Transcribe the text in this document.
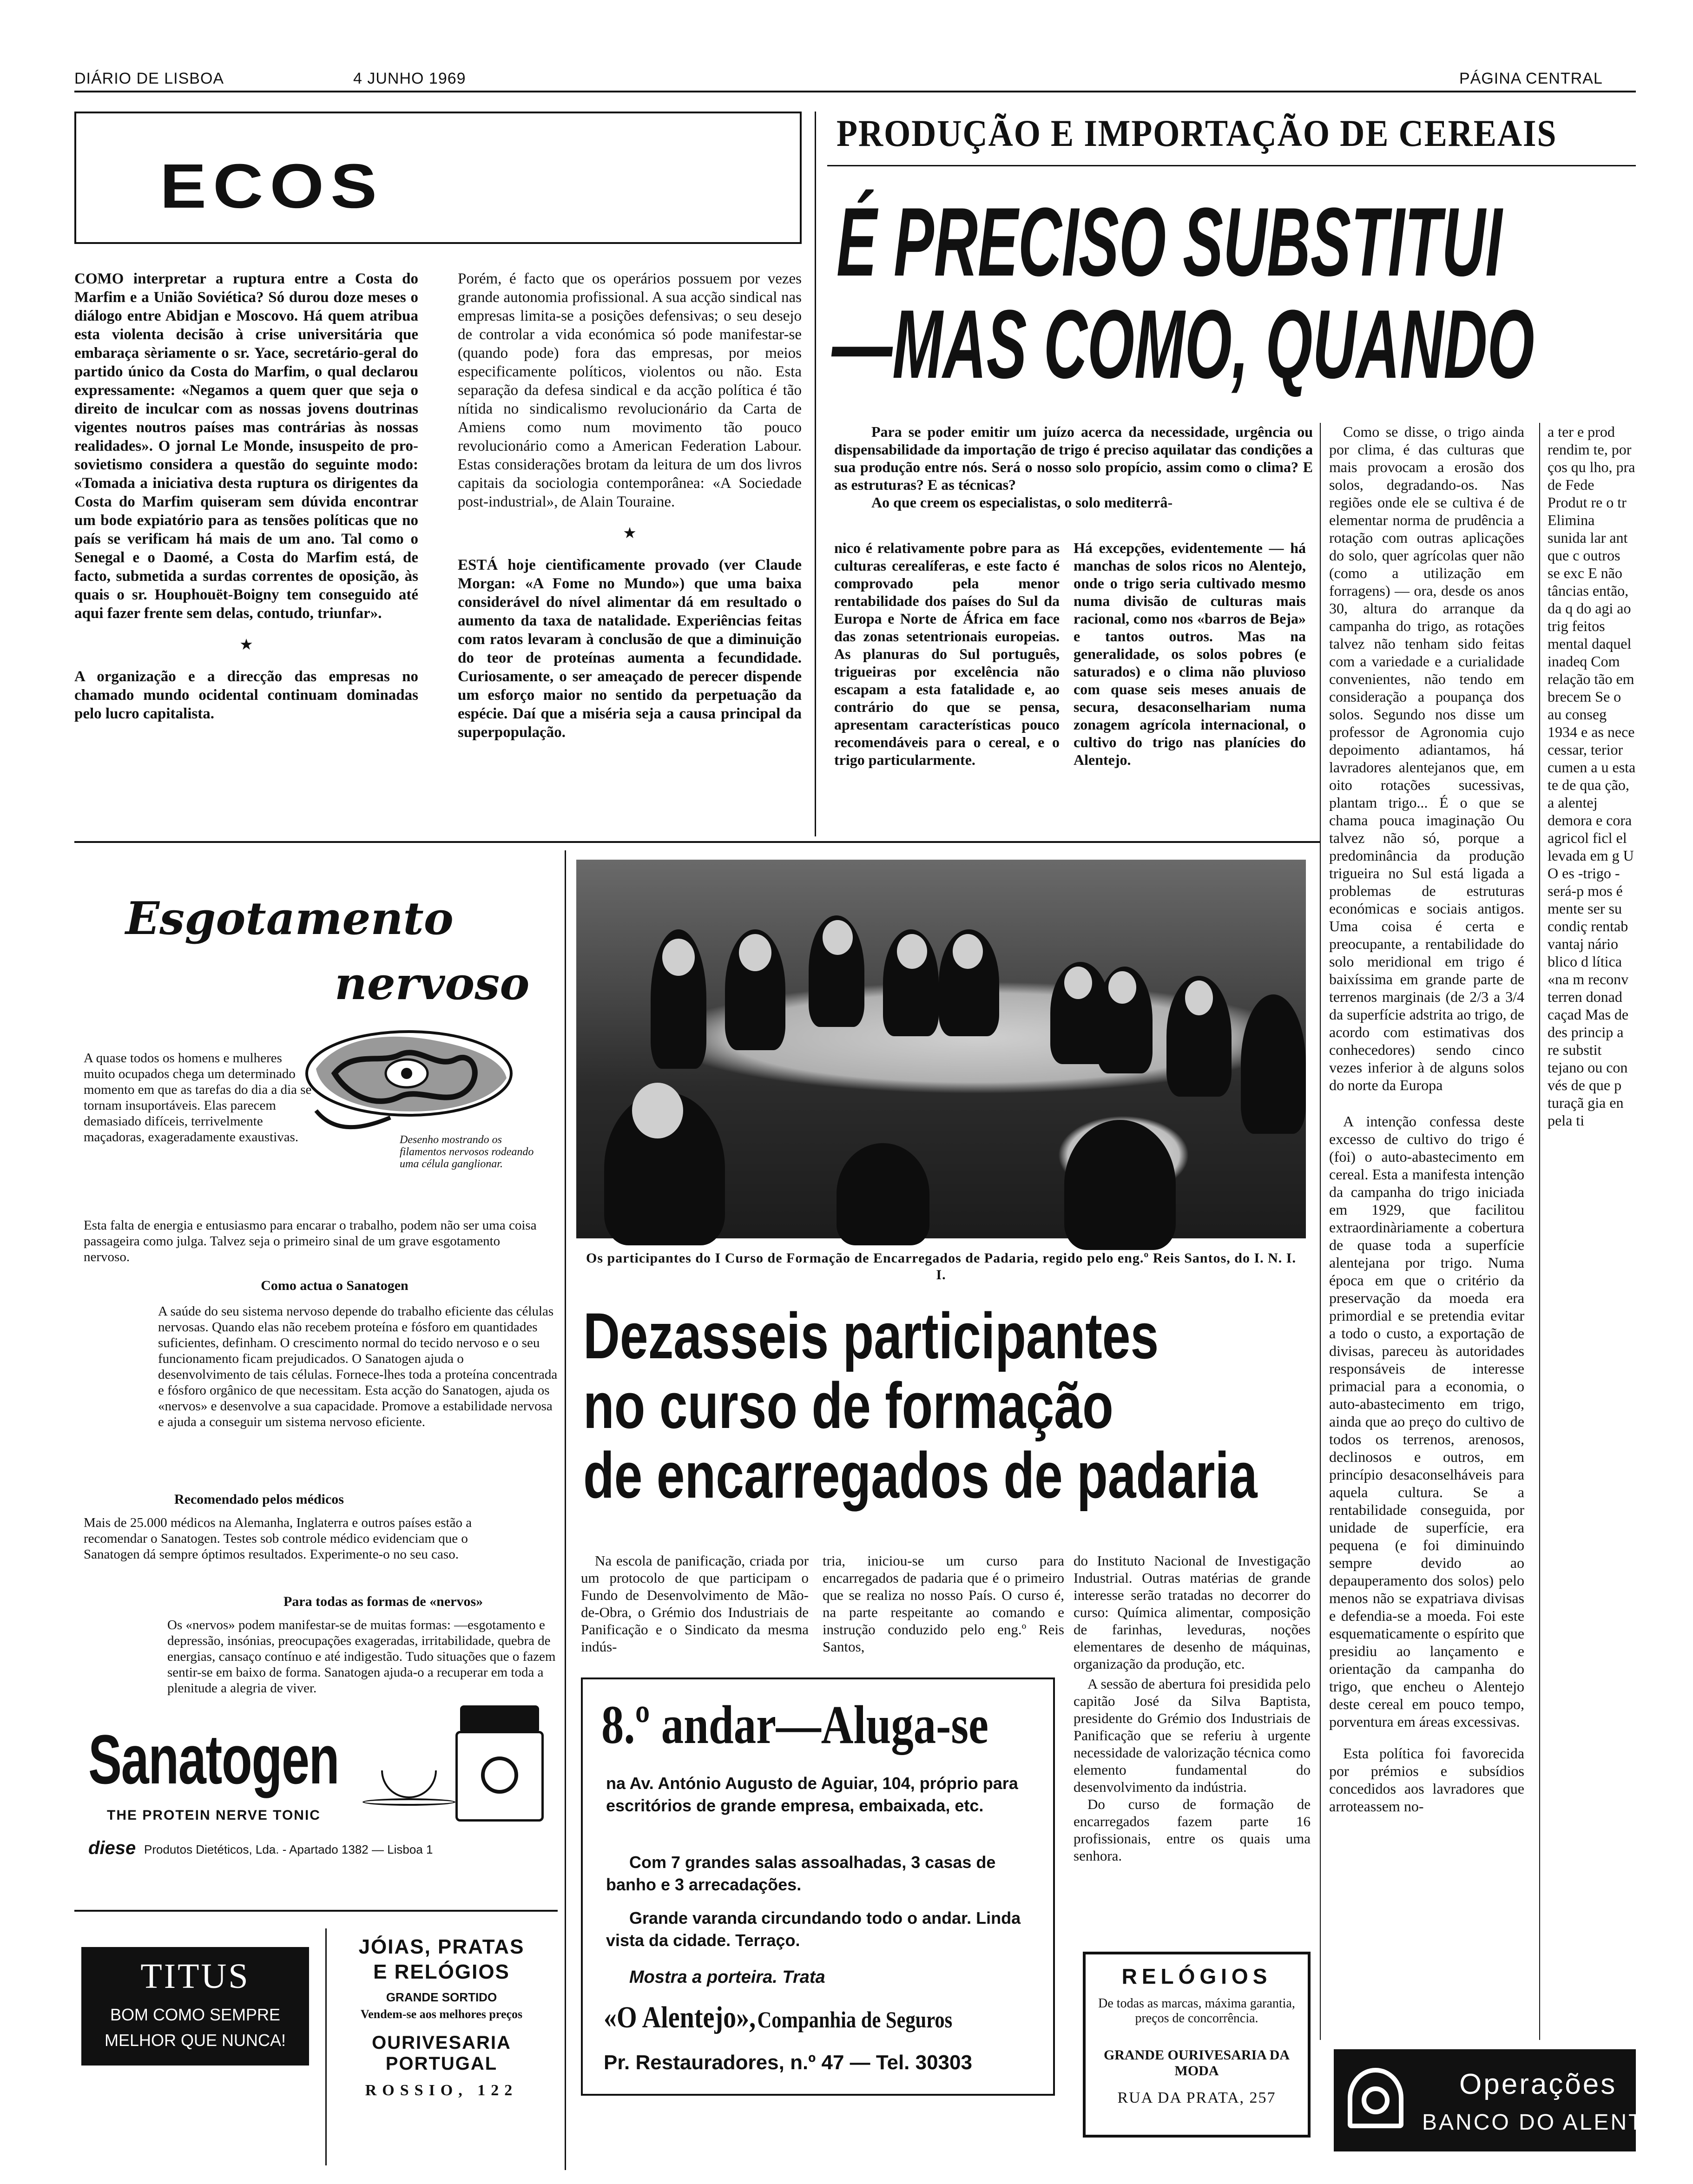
DIÁRIO DE LISBOA	4 JUNHO 1969	PÁGINA CENTRAL
ECOS

COMO interpretar a ruptura entre a Costa do Marfim e a União Soviética? Só durou doze meses o diálogo entre Abidjan e Moscovo. Há quem atribua esta violenta decisão à crise universitária que embaraça sèriamente o sr. Yace, secretário-geral do partido único da Costa do Marfim, o qual declarou expressamente: «Negamos a quem quer que seja o direito de inculcar com as nossas jovens doutrinas vigentes noutros países mas contrárias às nossas realidades». O jornal Le Monde, insuspeito de pro-sovietismo considera a questão do seguinte modo: «Tomada a iniciativa desta ruptura os dirigentes da Costa do Marfim quiseram sem dúvida encontrar um bode expiatório para as tensões políticas que no país se verificam há mais de um ano. Tal como o Senegal e o Daomé, a Costa do Marfim está, de facto, submetida a surdas correntes de oposição, às quais o sr. Houphouët-Boigny tem conseguido até aqui fazer frente sem delas, contudo, triunfar».

★

A organização e a direcção das empresas no chamado mundo ocidental continuam dominadas pelo lucro capitalista.

Porém, é facto que os operários possuem por vezes grande autonomia profissional. A sua acção sindical nas empresas limita-se a posições defensivas; o seu desejo de controlar a vida económica só pode manifestar-se (quando pode) fora das empresas, por meios especificamente políticos, violentos ou não. Esta separação da defesa sindical e da acção política é tão nítida no sindicalismo revolucionário da Carta de Amiens como num movimento tão pouco revolucionário como a American Federation Labour. Estas considerações brotam da leitura de um dos livros capitais da sociologia contemporânea: «A Sociedade post-industrial», de Alain Touraine.

★

ESTÁ hoje cientìficamente provado (ver Claude Morgan: «A Fome no Mundo») que uma baixa considerável do nível alimentar dá em resultado o aumento da taxa de natalidade. Experiências feitas com ratos levaram à conclusão de que a diminuição do teor de proteínas aumenta a fecundidade. Curiosamente, o ser ameaçado de perecer dispende um esforço maior no sentido da perpetuação da espécie. Daí que a miséria seja a causa principal da superpopulação.

PRODUÇÃO E IMPORTAÇÃO DE CEREAIS
É PRECISO SUBSTITUI
—MAS COMO, QUANDO

Para se poder emitir um juízo acerca da necessidade, urgência ou dispensabilidade da importação de trigo é preciso aquilatar das condições a sua produção entre nós. Será o nosso solo propício, assim como o clima? E as estruturas? E as técnicas?

Ao que creem os especialistas, o solo mediterrâ-

nico é relativamente pobre para as culturas cerealíferas, e este facto é comprovado pela menor rentabilidade dos países do Sul da Europa e Norte de África em face das zonas setentrionais europeias. As planuras do Sul português, trigueiras por excelência não escapam a esta fatalidade e, ao contrário do que se pensa, apresentam características pouco recomendáveis para o cereal, e o trigo particularmente.

Há excepções, evidentemente — há manchas de solos ricos no Alentejo, onde o trigo seria cultivado mesmo numa divisão de culturas mais racional, como nos «barros de Beja» e tantos outros. Mas na generalidade, os solos pobres (e saturados) e o clima não pluvioso com quase seis meses anuais de secura, desaconselhariam numa zonagem agrícola internacional, o cultivo do trigo nas planícies do Alentejo.

Como se disse, o trigo ainda por clima, é das culturas que mais provocam a erosão dos solos, degradando-os. Nas regiões onde ele se cultiva é de elementar norma de prudência a rotação com outras aplicações do solo, quer agrícolas quer não (como a utilização em forragens) — ora, desde os anos 30, altura do arranque da campanha do trigo, as rotações talvez não tenham sido feitas com a variedade e a curialidade convenientes, não tendo em consideração a poupança dos solos. Segundo nos disse um professor de Agronomia cujo depoimento adiantamos, há lavradores alentejanos que, em oito rotações sucessivas, plantam trigo... É o que se chama pouca imaginação Ou talvez não só, porque a predominância da produção trigueira no Sul está ligada a problemas de estruturas económicas e sociais antigos. Uma coisa é certa e preocupante, a rentabilidade do solo meridional em trigo é baixíssima em grande parte de terrenos marginais (de 2/3 a 3/4 da superfície adstrita ao trigo, de acordo com estimativas dos conhecedores) sendo cinco vezes inferior à de alguns solos do norte da Europa

A intenção confessa deste excesso de cultivo do trigo é (foi) o auto-abastecimento em cereal. Esta a manifesta intenção da campanha do trigo iniciada em 1929, que facilitou extraordinàriamente a cobertura de quase toda a superfície alentejana por trigo. Numa época em que o critério da preservação da moeda era primordial e se pretendia evitar a todo o custo, a exportação de divisas, pareceu às autoridades responsáveis de interesse primacial para a economia, o auto-abastecimento em trigo, ainda que ao preço do cultivo de todos os terrenos, arenosos, declinosos e outros, em princípio desaconselháveis para aquela cultura. Se a rentabilidade conseguida, por unidade de superfície, era pequena (e foi diminuindo sempre devido ao depauperamento dos solos) pelo menos não se expatriava divisas e defendia-se a moeda. Foi este esquematicamente o espírito que presidiu ao lançamento e orientação da campanha do trigo, que encheu o Alentejo deste cereal em pouco tempo, porventura em áreas excessivas.

Esta política foi favorecida por prémios e subsídios concedidos aos lavradores que arroteassem no-

a ter e prod rendim te, por ços qu lho, pra de Fede Produt re o tr Elimina sunida lar ant que c outros se exc E não tâncias então, da q do agi ao trig feitos mental daquel inadeq Com relação tão em brecem Se o au conseg 1934 e as nece cessar, terior cumen a u esta te de qua ção, a alentej demora e cora agricol ficl el levada em g U O es -trigo -será-p mos é mente ser su condiç rentab vantaj nário blico d lítica «na m reconv terren donad caçad Mas de des princip a re substit tejano ou con vés de que p turaçã gia en pela ti

Esgotamento
nervoso
Desenho mostrando os filamentos nervosos rodeando uma célula ganglionar.

A quase todos os homens e mulheres muito ocupados chega um determinado momento em que as tarefas do dia a dia se tornam insuportáveis. Elas parecem demasiado difíceis, terrivelmente maçadoras, exageradamente exaustivas.

Esta falta de energia e entusiasmo para encarar o trabalho, podem não ser uma coisa passageira como julga. Talvez seja o primeiro sinal de um grave esgotamento nervoso.

Como actua o Sanatogen

A saúde do seu sistema nervoso depende do trabalho eficiente das células nervosas. Quando elas não recebem proteína e fósforo em quantidades suficientes, definham. O crescimento normal do tecido nervoso e o seu funcionamento ficam prejudicados. O Sanatogen ajuda o desenvolvimento de tais células. Fornece-lhes toda a proteína concentrada e fósforo orgânico de que necessitam. Esta acção do Sanatogen, ajuda os «nervos» e desenvolve a sua capacidade. Promove a estabilidade nervosa e ajuda a conseguir um sistema nervoso eficiente.

Recomendado pelos médicos

Mais de 25.000 médicos na Alemanha, Inglaterra e outros países estão a recomendar o Sanatogen. Testes sob controle médico evidenciam que o Sanatogen dá sempre óptimos resultados. Experimente-o no seu caso.

Para todas as formas de «nervos»

Os «nervos» podem manifestar-se de muitas formas: —esgotamento e depressão, insónias, preocupações exageradas, irritabilidade, quebra de energias, cansaço contínuo e até indigestão. Tudo situações que o fazem sentir-se em baixo de forma. Sanatogen ajuda-o a recuperar em toda a plenitude a alegria de viver.

Sanatogen
THE PROTEIN NERVE TONIC
diese Produtos Dietéticos, Lda. - Apartado 1382 — Lisboa 1
TITUS
BOM COMO SEMPRE
MELHOR QUE NUNCA!
JÓIAS, PRATAS
E RELÓGIOS
GRANDE SORTIDO
Vendem-se aos melhores preços
OURIVESARIA
PORTUGAL
ROSSIO, 122
Os participantes do I Curso de Formação de Encarregados de Padaria, regido pelo eng.º Reis Santos, do I. N. I. I.
Dezasseis participantes
no curso de formação
de encarregados de padaria

Na escola de panificação, criada por um protocolo de que participam o Fundo de Desenvolvimento de Mão-de-Obra, o Grémio dos Industriais de Panificação e o Sindicato da mesma indús-

tria, iniciou-se um curso para encarregados de padaria que é o primeiro que se realiza no nosso País. O curso é, na parte respeitante ao comando e instrução conduzido pelo eng.º Reis Santos,

do Instituto Nacional de Investigação Industrial. Outras matérias de grande interesse serão tratadas no decorrer do curso: Química alimentar, composição de farinhas, leveduras, noções elementares de desenho de máquinas, organização da produção, etc.

A sessão de abertura foi presidida pelo capitão José da Silva Baptista, presidente do Grémio dos Industriais de Panificação que se referiu à urgente necessidade de valorização técnica como elemento fundamental do desenvolvimento da indústria.

Do curso de formação de encarregados fazem parte 16 profissionais, entre os quais uma senhora.

8.º andar—Aluga-se
na Av. António Augusto de Aguiar, 104, próprio para escritórios de grande empresa, embaixada, etc.
Com 7 grandes salas assoalhadas, 3 casas de banho e 3 arrecadações.
Grande varanda circundando todo o andar. Linda vista da cidade. Terraço.
Mostra a porteira. Trata
«O Alentejo», Companhia de Seguros
Pr. Restauradores, n.º 47 — Tel. 30303
RELÓGIOS
De todas as marcas, máxima garantia, preços de concorrência.
GRANDE OURIVESARIA DA MODA
RUA DA PRATA, 257	Operações
BANCO DO ALENTEJO
